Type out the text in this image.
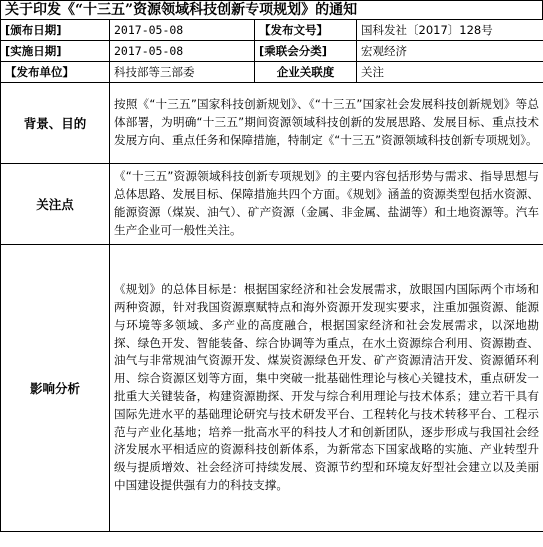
关于印发《“十三五”资源领域科技创新专项规划》的通知
[颁布日期]	2017-05-08	【发布文号】	国科发社〔2017〕128号
[实施日期]	2017-05-08	[乘联会分类]	宏观经济
【发布单位】	科技部等三部委	企业关联度	关注
背景、目的	按照《“十三五”国家科技创新规划》、《“十三五”国家社会发展科技创新规划》等总体部署，为明确“十三五”期间资源领域科技创新的发展思路、发展目标、重点技术发展方向、重点任务和保障措施，特制定《“十三五”资源领域科技创新专项规划》。		
关注点	《“十三五”资源领域科技创新专项规划》的主要内容包括形势与需求、指导思想与总体思路、发展目标、保障措施共四个方面。《规划》涵盖的资源类型包括水资源、能源资源（煤炭、油气）、矿产资源（金属、非金属、盐湖等）和土地资源等。汽车生产企业可一般性关注。		
影响分析	《规划》的总体目标是：根据国家经济和社会发展需求，放眼国内国际两个市场和两种资源，针对我国资源禀赋特点和海外资源开发现实要求，注重加强资源、能源与环境等多领域、多产业的高度融合，根据国家经济和社会发展需求，以深地勘探、绿色开发、智能装备、综合协调等为重点，在水土资源综合利用、资源勘查、油气与非常规油气资源开发、煤炭资源绿色开发、矿产资源清洁开发、资源循环利用、综合资源区划等方面，集中突破一批基础性理论与核心关键技术，重点研发一批重大关键装备，构建资源勘探、开发与综合利用理论与技术体系；建立若干具有国际先进水平的基础理论研究与技术研发平台、工程转化与技术转移平台、工程示范与产业化基地；培养一批高水平的科技人才和创新团队，逐步形成与我国社会经济发展水平相适应的资源科技创新体系，为新常态下国家战略的实施、产业转型升级与提质增效、社会经济可持续发展、资源节约型和环境友好型社会建立以及美丽中国建设提供强有力的科技支撑。		
